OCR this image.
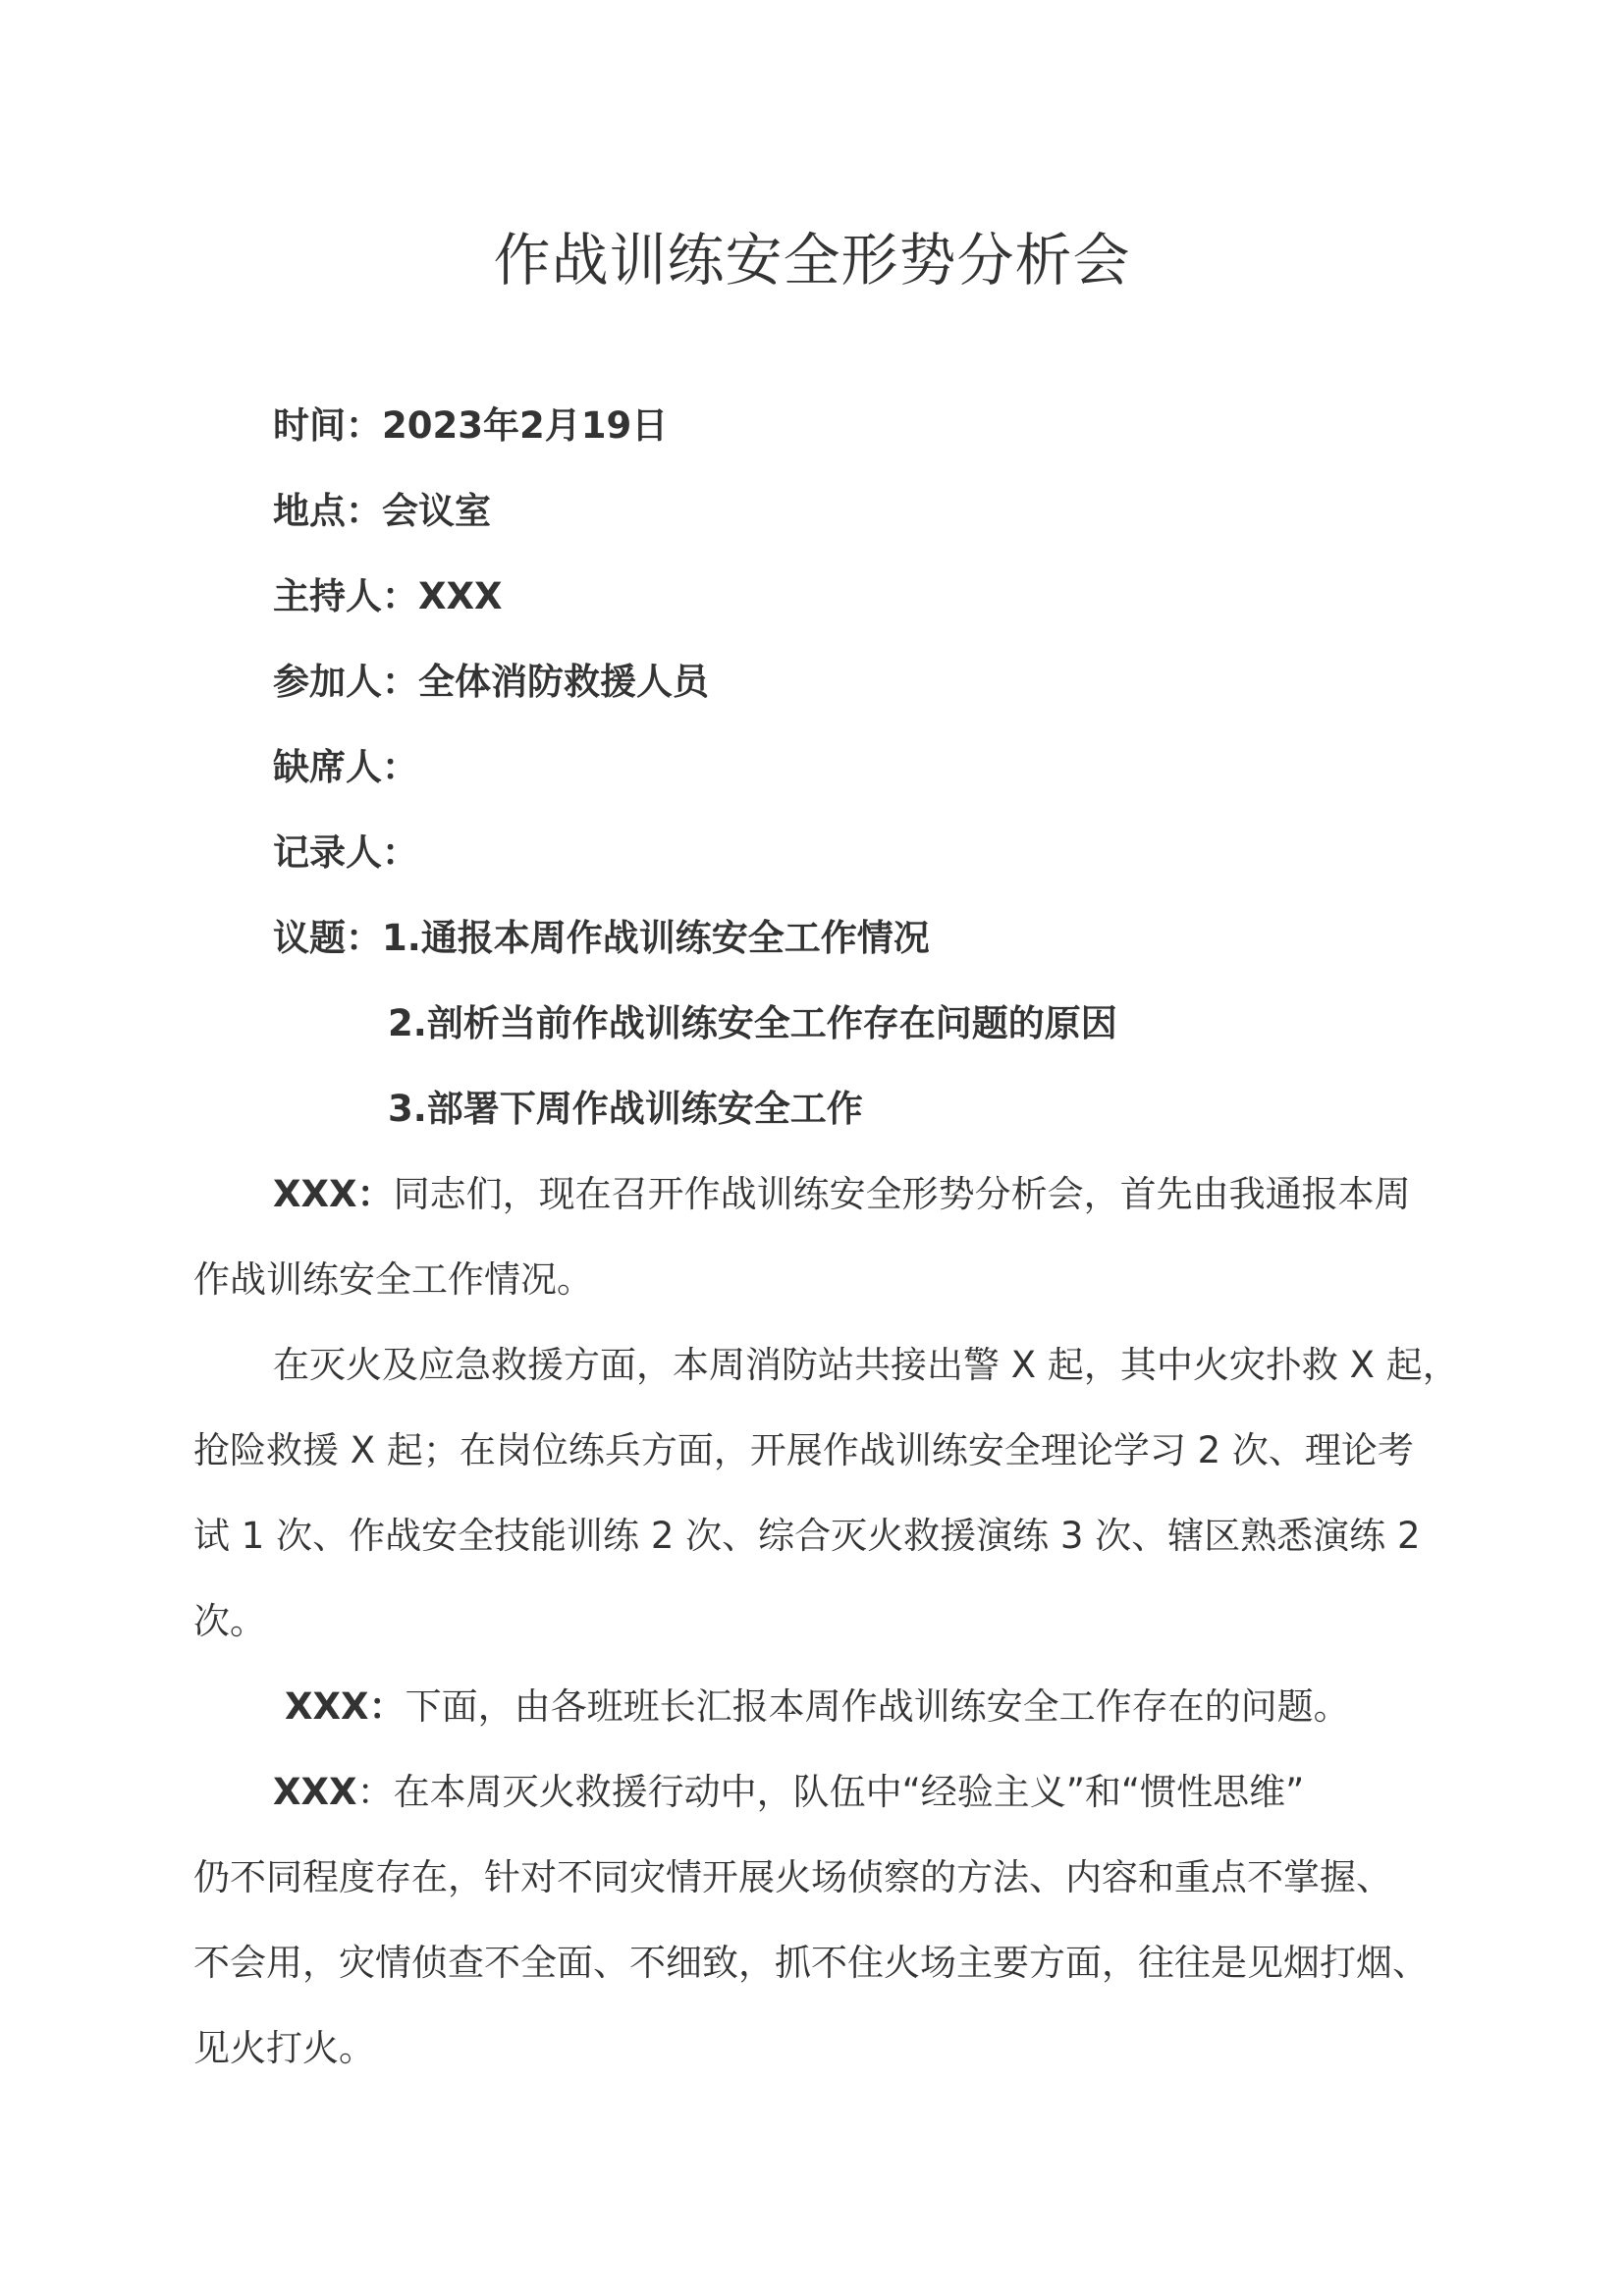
作战训练安全形势分析会
时间：2023年2月19日
地点：会议室
主持人：XXX
参加人：全体消防救援人员
缺席人：
记录人：
议题：1.通报本周作战训练安全工作情况
2.剖析当前作战训练安全工作存在问题的原因
3.部署下周作战训练安全工作
XXX：同志们，现在召开作战训练安全形势分析会，首先由我通报本周
作战训练安全工作情况。
在灭火及应急救援方面，本周消防站共接出警 X 起，其中火灾扑救 X 起，
抢险救援 X 起；在岗位练兵方面，开展作战训练安全理论学习 2 次、理论考
试 1 次、作战安全技能训练 2 次、综合灭火救援演练 3 次、辖区熟悉演练 2
次。
XXX：下面，由各班班长汇报本周作战训练安全工作存在的问题。
XXX：在本周灭火救援行动中，队伍中“经验主义”和“惯性思维”
仍不同程度存在，针对不同灾情开展火场侦察的方法、内容和重点不掌握、
不会用，灾情侦查不全面、不细致，抓不住火场主要方面，往往是见烟打烟、
见火打火。
